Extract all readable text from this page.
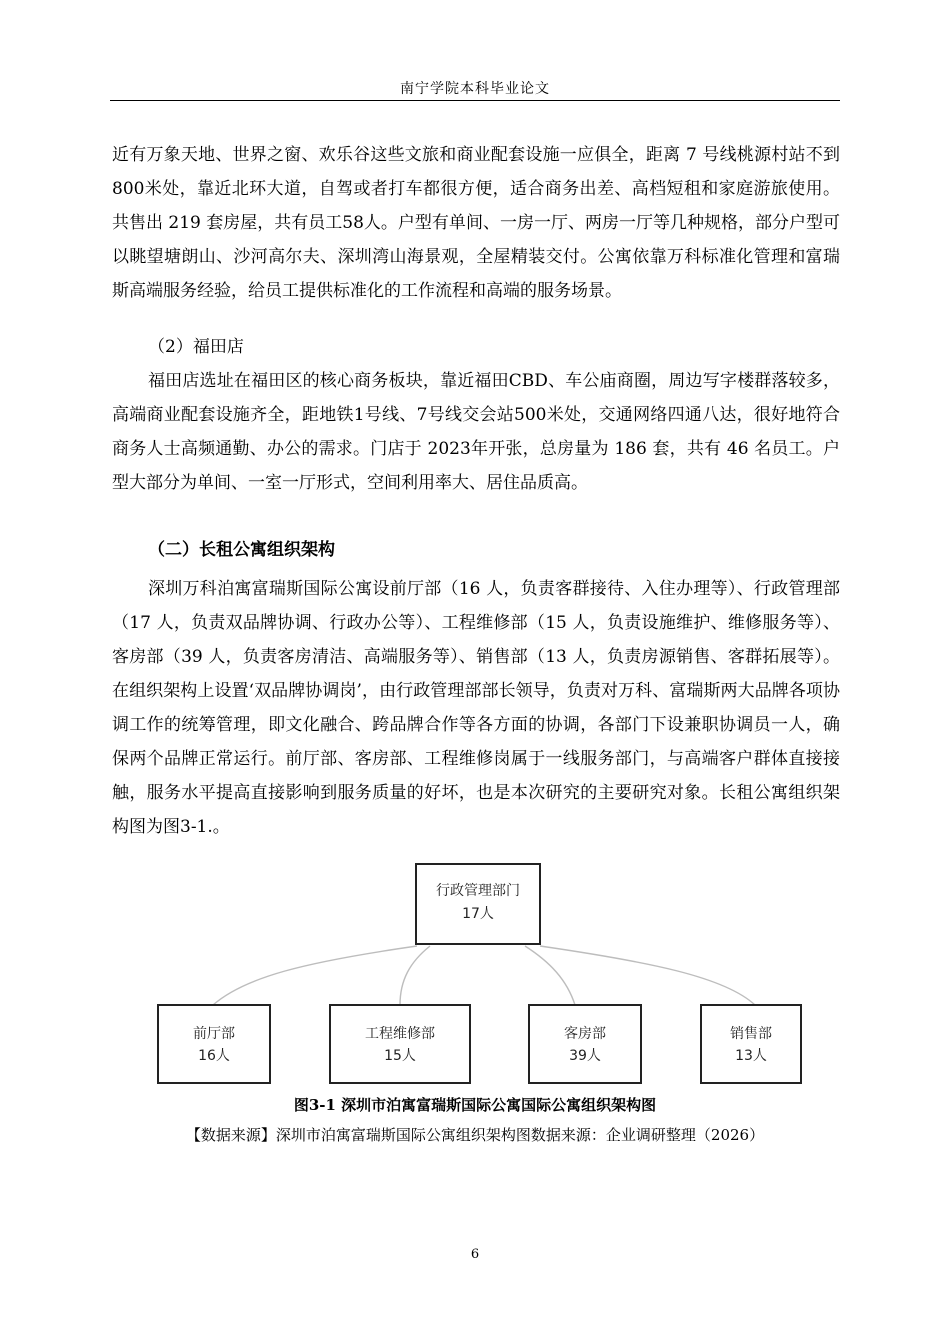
南宁学院本科毕业论文

近有万象天地、世界之窗、欢乐谷这些文旅和商业配套设施一应俱全，距离 7 号线桃源村站不到 800米处，靠近北环大道，自驾或者打车都很方便，适合商务出差、高档短租和家庭游旅使用。共售出 219 套房屋，共有员工58人。户型有单间、一房一厅、两房一厅等几种规格，部分户型可以眺望塘朗山、沙河高尔夫、深圳湾山海景观，全屋精装交付。公寓依靠万科标准化管理和富瑞斯高端服务经验，给员工提供标准化的工作流程和高端的服务场景。

（2）福田店

福田店选址在福田区的核心商务板块，靠近福田CBD、车公庙商圈，周边写字楼群落较多，高端商业配套设施齐全，距地铁1号线、7号线交会站500米处，交通网络四通八达，很好地符合商务人士高频通勤、办公的需求。门店于 2023年开张，总房量为 186 套，共有 46 名员工。户型大部分为单间、一室一厅形式，空间利用率大、居住品质高。

（二）长租公寓组织架构

深圳万科泊寓富瑞斯国际公寓设前厅部（16 人，负责客群接待、入住办理等）、行政管理部（17 人，负责双品牌协调、行政办公等）、工程维修部（15 人，负责设施维护、维修服务等）、客房部（39 人，负责客房清洁、高端服务等）、销售部（13 人，负责房源销售、客群拓展等）。在组织架构上设置‘双品牌协调岗’，由行政管理部部长领导，负责对万科、富瑞斯两大品牌各项协调工作的统筹管理，即文化融合、跨品牌合作等各方面的协调，各部门下设兼职协调员一人，确保两个品牌正常运行。前厅部、客房部、工程维修岗属于一线服务部门，与高端客户群体直接接触，服务水平提高直接影响到服务质量的好坏，也是本次研究的主要研究对象。长租公寓组织架构图为图3-1.。

行政管理部门
17人
前厅部
16人
工程维修部
15人
客房部
39人
销售部
13人
图3-1 深圳市泊寓富瑞斯国际公寓国际公寓组织架构图
【数据来源】深圳市泊寓富瑞斯国际公寓组织架构图数据来源：企业调研整理（2026）
6
